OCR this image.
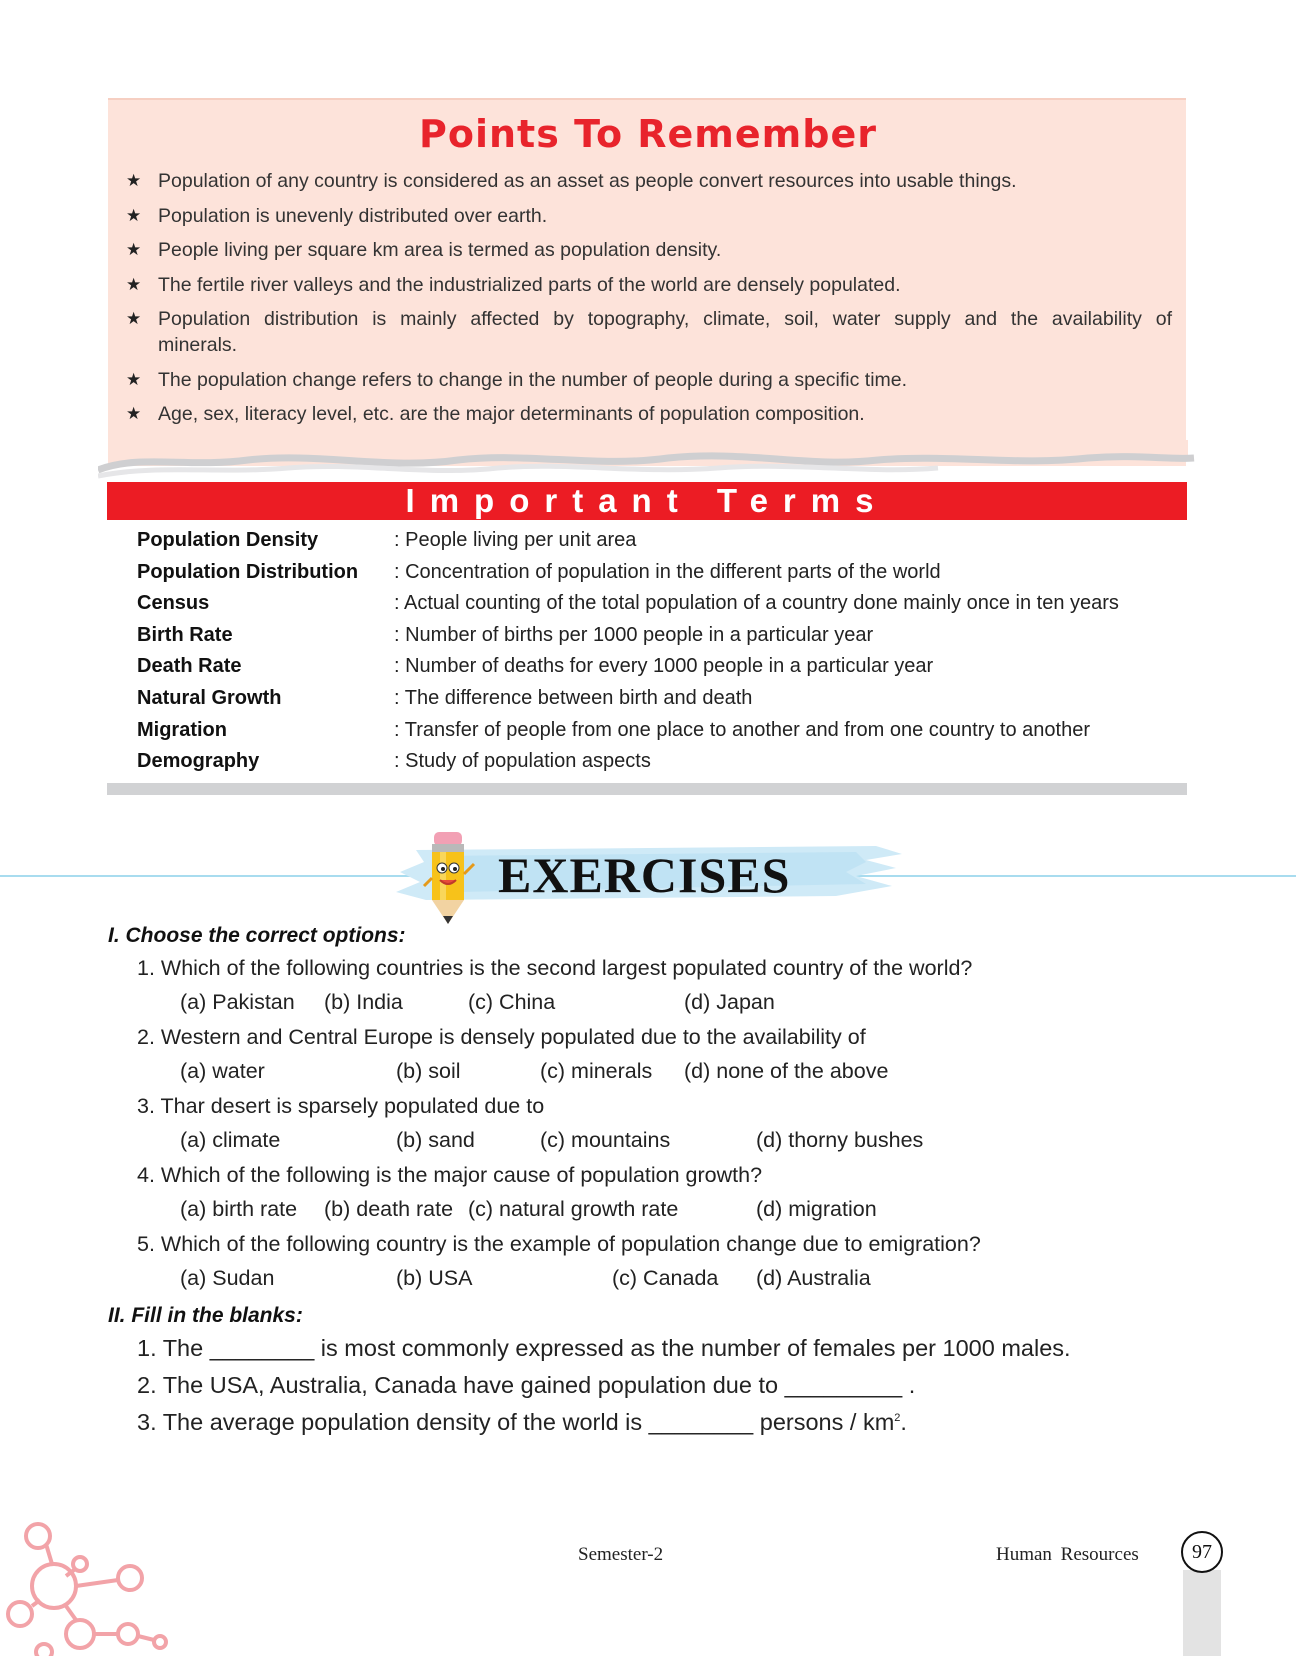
Points To Remember
★ Population of any country is considered as an asset as people convert resources into usable things.
★ Population is unevenly distributed over earth.
★ People living per square km area is termed as population density.
★ The fertile river valleys and the industrialized parts of the world are densely populated.
★ Population distribution is mainly affected by topography, climate, soil, water supply and the availability of minerals.
★ The population change refers to change in the number of people during a specific time.
★ Age, sex, literacy level, etc. are the major determinants of population composition.
Important Terms
Population Density	: People living per unit area
Population Distribution : Concentration of population in the different parts of the world
Census	: Actual counting of the total population of a country done mainly once in ten years
Birth Rate	: Number of births per 1000 people in a particular year
Death Rate	: Number of deaths for every 1000 people in a particular year
Natural Growth	: The difference between birth and death
Migration	: Transfer of people from one place to another and from one country to another
Demography	: Study of population aspects
EXERCISES
I. Choose the correct options:
1. Which of the following countries is the second largest populated country of the world?
(a) Pakistan (b) India	(c) China	(d) Japan
2. Western and Central Europe is densely populated due to the availability of
(a) water	(b) soil	(c) minerals (d) none of the above
3. Thar desert is sparsely populated due to
(a) climate	(b) sand	(c) mountains	(d) thorny bushes
4. Which of the following is the major cause of population growth?
(a) birth rate (b) death rate (c) natural growth rate	(d) migration
5. Which of the following country is the example of population change due to emigration?
(a) Sudan	(b) USA	(c) Canada (d) Australia
II. Fill in the blanks:
1. The ________ is most commonly expressed as the number of females per 1000 males.
2. The USA, Australia, Canada have gained population due to _________ .
3. The average population density of the world is ________ persons / $km^2$.
Semester-2	Human Resources	97
